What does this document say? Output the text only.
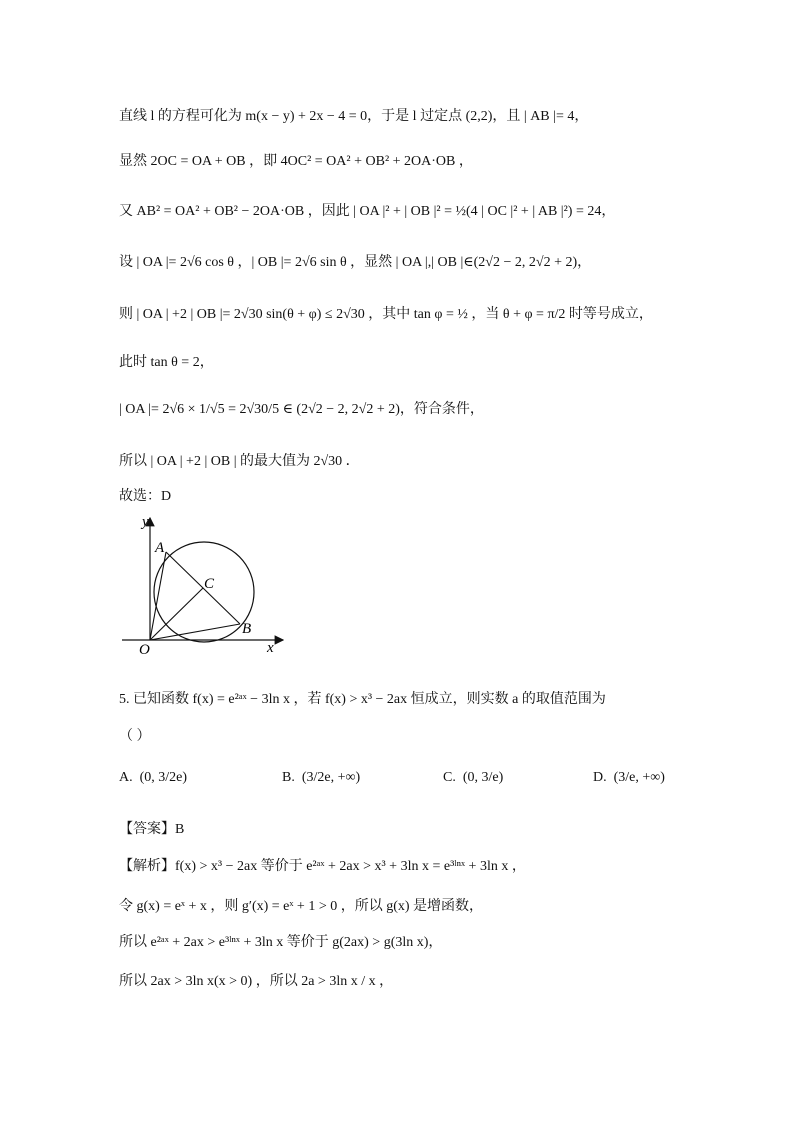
直线 l 的方程可化为 m(x − y) + 2x − 4 = 0，于是 l 过定点 (2,2)，且 | AB |= 4，
显然 2OC = OA + OB ，即 4OC² = OA² + OB² + 2OA·OB ，
又 AB² = OA² + OB² − 2OA·OB ，因此 | OA |² + | OB |² = ½(4 | OC |² + | AB |²) = 24，
设 | OA |= 2√6 cos θ ，| OB |= 2√6 sin θ ，显然 | OA |,| OB |∈(2√2 − 2, 2√2 + 2)，
则 | OA | +2 | OB |= 2√30 sin(θ + φ) ≤ 2√30 ，其中 tan φ = ½ ，当 θ + φ = π/2 时等号成立，
此时 tan θ = 2，
| OA |= 2√6 × 1/√5 = 2√30/5 ∈ (2√2 − 2, 2√2 + 2)，符合条件，
所以 | OA | +2 | OB | 的最大值为 2√30 ．
故选：D
y
x
O
A
B
C
5. 已知函数 f(x) = e²ᵃˣ − 3ln x ，若 f(x) > x³ − 2ax 恒成立，则实数 a 的取值范围为
（ ）
A. (0, 3/2e)	B. (3/2e, +∞)	C. (0, 3/e)	D. (3/e, +∞)
【答案】B
【解析】f(x) > x³ − 2ax 等价于 e²ᵃˣ + 2ax > x³ + 3ln x = e³ˡⁿˣ + 3ln x ，
令 g(x) = eˣ + x ，则 g′(x) = eˣ + 1 > 0 ，所以 g(x) 是增函数，
所以 e²ᵃˣ + 2ax > e³ˡⁿˣ + 3ln x 等价于 g(2ax) > g(3ln x)，
所以 2ax > 3ln x(x > 0) ，所以 2a > 3ln x / x ，
